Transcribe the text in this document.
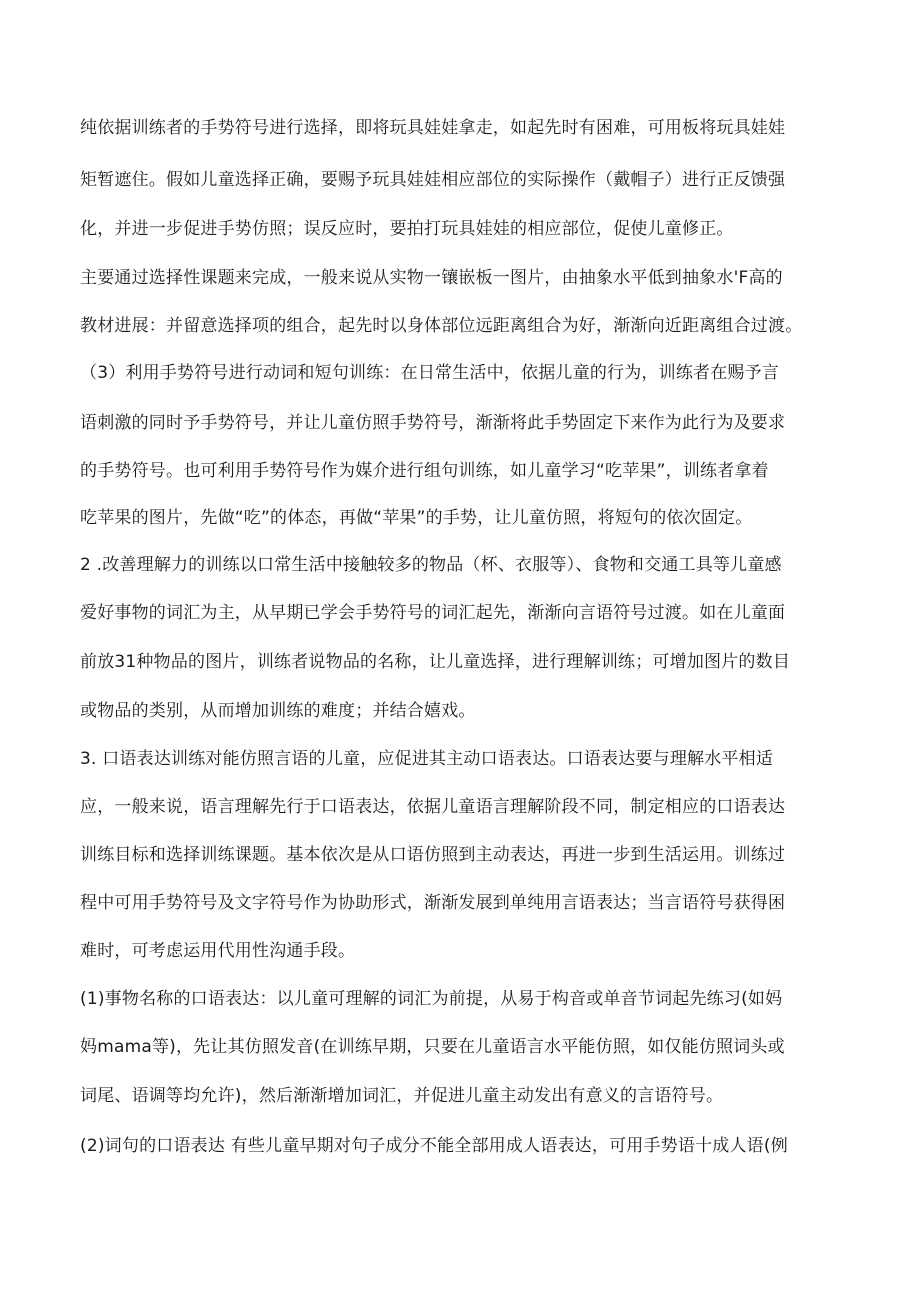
纯依据训练者的手势符号进行选择，即将玩具娃娃拿走，如起先时有困难，可用板将玩具娃娃
矩暂遮住。假如儿童选择正确，要赐予玩具娃娃相应部位的实际操作（戴帽子）进行正反馈强
化，并进一步促进手势仿照；误反应时，要拍打玩具娃娃的相应部位，促使儿童修正。
主要通过选择性课题来完成，一般来说从实物一镶嵌板一图片，由抽象水平低到抽象水'F高的
教材进展：并留意选择项的组合，起先时以身体部位远距离组合为好，渐渐向近距离组合过渡。
（3）利用手势符号进行动词和短句训练：在日常生活中，依据儿童的行为，训练者在赐予言
语刺激的同时予手势符号，并让儿童仿照手势符号，渐渐将此手势固定下来作为此行为及要求
的手势符号。也可利用手势符号作为媒介进行组句训练，如儿童学习“吃苹果”，训练者拿着
吃苹果的图片，先做“吃”的体态，再做“苹果”的手势，让儿童仿照，将短句的依次固定。
2 .改善理解力的训练以口常生活中接触较多的物品（杯、衣服等）、食物和交通工具等儿童感
爱好事物的词汇为主，从早期已学会手势符号的词汇起先，渐渐向言语符号过渡。如在儿童面
前放31种物品的图片，训练者说物品的名称，让儿童选择，进行理解训练；可增加图片的数目
或物品的类别，从而增加训练的难度；并结合嬉戏。
3. 口语表达训练对能仿照言语的儿童，应促进其主动口语表达。口语表达要与理解水平相适
应，一般来说，语言理解先行于口语表达，依据儿童语言理解阶段不同，制定相应的口语表达
训练目标和选择训练课题。基本依次是从口语仿照到主动表达，再进一步到生活运用。训练过
程中可用手势符号及文字符号作为协助形式，渐渐发展到单纯用言语表达；当言语符号获得困
难时，可考虑运用代用性沟通手段。
(1)事物名称的口语表达：以儿童可理解的词汇为前提，从易于构音或单音节词起先练习(如妈
妈mama等)，先让其仿照发音(在训练早期，只要在儿童语言水平能仿照，如仅能仿照词头或
词尾、语调等均允许)，然后渐渐增加词汇，并促进儿童主动发出有意义的言语符号。
(2)词句的口语表达 有些儿童早期对句子成分不能全部用成人语表达，可用手势语十成人语(例
